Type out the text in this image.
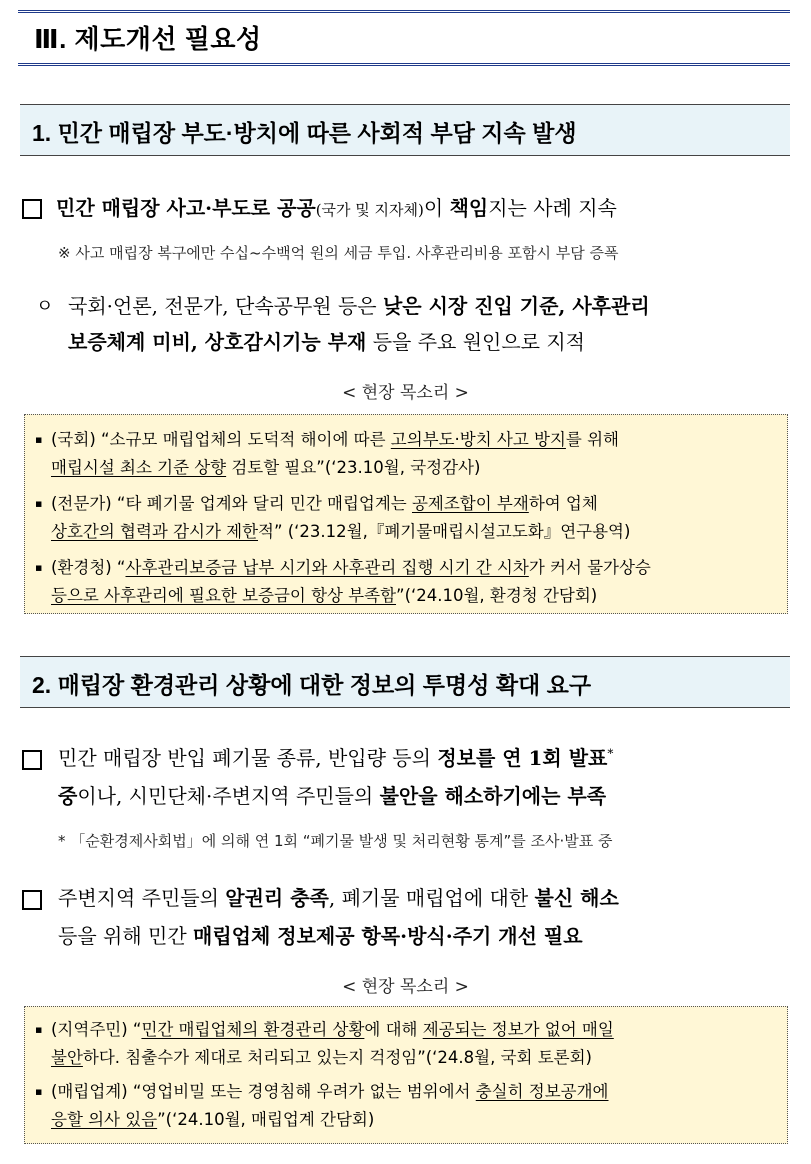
Ⅲ. 제도개선 필요성
1. 민간 매립장 부도·방치에 따른 사회적 부담 지속 발생
민간 매립장 사고·부도로 공공(국가 및 지자체)이 책임지는 사례 지속
※ 사고 매립장 복구에만 수십~수백억 원의 세금 투입. 사후관리비용 포함시 부담 증폭
ㅇ 국회·언론, 전문가, 단속공무원 등은 낮은 시장 진입 기준, 사후관리
보증체계 미비, 상호감시기능 부재 등을 주요 원인으로 지적
< 현장 목소리 >
▪ (국회) “소규모 매립업체의 도덕적 해이에 따른 고의부도·방치 사고 방지를 위해
매립시설 최소 기준 상향 검토할 필요”(‘23.10월, 국정감사)
▪ (전문가) “타 폐기물 업계와 달리 민간 매립업계는 공제조합이 부재하여 업체
상호간의 협력과 감시가 제한적” (‘23.12월,『폐기물매립시설고도화』연구용역)
▪ (환경청) “사후관리보증금 납부 시기와 사후관리 집행 시기 간 시차가 커서 물가상승
등으로 사후관리에 필요한 보증금이 항상 부족함”(‘24.10월, 환경청 간담회)
2. 매립장 환경관리 상황에 대한 정보의 투명성 확대 요구
민간 매립장 반입 폐기물 종류, 반입량 등의 정보를 연 1회 발표*
중이나, 시민단체·주변지역 주민들의 불안을 해소하기에는 부족
* 「순환경제사회법」에 의해 연 1회 “폐기물 발생 및 처리현황 통계”를 조사·발표 중
주변지역 주민들의 알권리 충족, 폐기물 매립업에 대한 불신 해소
등을 위해 민간 매립업체 정보제공 항목·방식·주기 개선 필요
< 현장 목소리 >
▪ (지역주민) “민간 매립업체의 환경관리 상황에 대해 제공되는 정보가 없어 매일
불안하다. 침출수가 제대로 처리되고 있는지 걱정임”(‘24.8월, 국회 토론회)
▪ (매립업계) “영업비밀 또는 경영침해 우려가 없는 범위에서 충실히 정보공개에
응할 의사 있음”(‘24.10월, 매립업계 간담회)
